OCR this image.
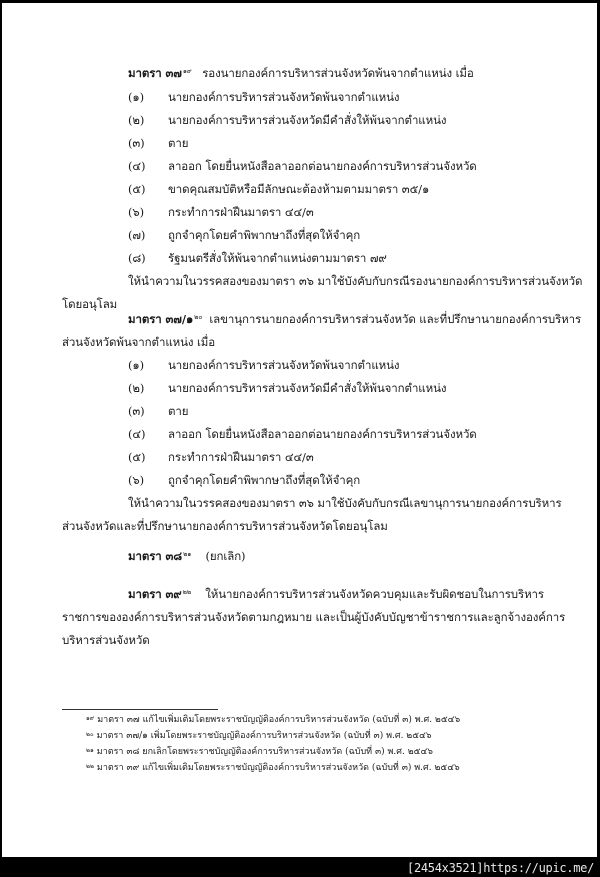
มาตรา ๓๗$^{๑๙}$ รองนายกองค์การบริหารส่วนจังหวัดพ้นจากตำแหน่ง เมื่อ
(๑) นายกองค์การบริหารส่วนจังหวัดพ้นจากตำแหน่ง
(๒) นายกองค์การบริหารส่วนจังหวัดมีคำสั่งให้พ้นจากตำแหน่ง
(๓) ตาย
(๔) ลาออก โดยยื่นหนังสือลาออกต่อนายกองค์การบริหารส่วนจังหวัด
(๕) ขาดคุณสมบัติหรือมีลักษณะต้องห้ามตามมาตรา ๓๕/๑
(๖) กระทำการฝ่าฝืนมาตรา ๔๔/๓
(๗) ถูกจำคุกโดยคำพิพากษาถึงที่สุดให้จำคุก
(๘) รัฐมนตรีสั่งให้พ้นจากตำแหน่งตามมาตรา ๗๙
ให้นำความในวรรคสองของมาตรา ๓๖ มาใช้บังคับกับกรณีรองนายกองค์การบริหารส่วนจังหวัด
โดยอนุโลม
มาตรา ๓๗/๑$^{๒๐}$ เลขานุการนายกองค์การบริหารส่วนจังหวัด และที่ปรึกษานายกองค์การบริหาร
ส่วนจังหวัดพ้นจากตำแหน่ง เมื่อ
(๑) นายกองค์การบริหารส่วนจังหวัดพ้นจากตำแหน่ง
(๒) นายกองค์การบริหารส่วนจังหวัดมีคำสั่งให้พ้นจากตำแหน่ง
(๓) ตาย
(๔) ลาออก โดยยื่นหนังสือลาออกต่อนายกองค์การบริหารส่วนจังหวัด
(๕) กระทำการฝ่าฝืนมาตรา ๔๔/๓
(๖) ถูกจำคุกโดยคำพิพากษาถึงที่สุดให้จำคุก
ให้นำความในวรรคสองของมาตรา ๓๖ มาใช้บังคับกับกรณีเลขานุการนายกองค์การบริหาร
ส่วนจังหวัดและที่ปรึกษานายกองค์การบริหารส่วนจังหวัดโดยอนุโลม
มาตรา ๓๘$^{๒๑}$ (ยกเลิก)
มาตรา ๓๙$^{๒๒}$ ให้นายกองค์การบริหารส่วนจังหวัดควบคุมและรับผิดชอบในการบริหาร
ราชการขององค์การบริหารส่วนจังหวัดตามกฎหมาย และเป็นผู้บังคับบัญชาข้าราชการและลูกจ้างองค์การ
บริหารส่วนจังหวัด
$^{๑๙}$ มาตรา ๓๗ แก้ไขเพิ่มเติมโดยพระราชบัญญัติองค์การบริหารส่วนจังหวัด (ฉบับที่ ๓) พ.ศ. ๒๕๔๖
$^{๒๐}$ มาตรา ๓๗/๑ เพิ่มโดยพระราชบัญญัติองค์การบริหารส่วนจังหวัด (ฉบับที่ ๓) พ.ศ. ๒๕๔๖
$^{๒๑}$ มาตรา ๓๘ ยกเลิกโดยพระราชบัญญัติองค์การบริหารส่วนจังหวัด (ฉบับที่ ๓) พ.ศ. ๒๕๔๖
$^{๒๒}$ มาตรา ๓๙ แก้ไขเพิ่มเติมโดยพระราชบัญญัติองค์การบริหารส่วนจังหวัด (ฉบับที่ ๓) พ.ศ. ๒๕๔๖
[2454x3521]https://upic.me/
